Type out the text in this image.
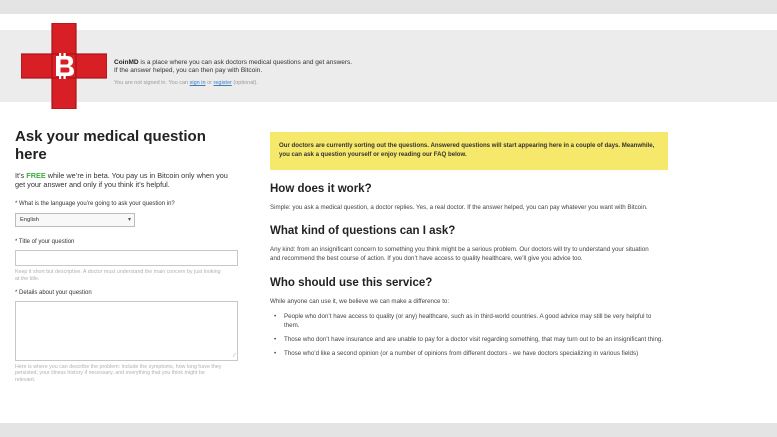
CoinMD is a place where you can ask doctors medical questions and get answers.
If the answer helped, you can then pay with Bitcoin.
You are not signed in. You can sign in or register (optional).
Ask your medical question here
It’s FREE while we’re in beta. You pay us in Bitcoin only when you get your answer and only if you think it’s helpful.
* What is the language you’re going to ask your question in?
English	▾
* Title of your question
Keep it short but descriptive. A doctor must understand the main concern by just looking at the title.
* Details about your question
∕
Here is where you can describe the problem: include the symptoms, how long have they persisted, your illness history if necessary, and everything that you think might be relevant.
Our doctors are currently sorting out the questions. Answered questions will start appearing here in a couple of days. Meanwhile, you can ask a question yourself or enjoy reading our FAQ below.
How does it work?
Simple: you ask a medical question, a doctor replies. Yes, a real doctor. If the answer helped, you can pay whatever you want with Bitcoin.
What kind of questions can I ask?
Any kind: from an insignificant concern to something you think might be a serious problem. Our doctors will try to understand your situation and recommend the best course of action. If you don’t have access to quality healthcare, we’ll give you advice too.
Who should use this service?
While anyone can use it, we believe we can make a difference to:
• People who don’t have access to quality (or any) healthcare, such as in third-world countries. A good advice may still be very helpful to them.
• Those who don’t have insurance and are unable to pay for a doctor visit regarding something, that may turn out to be an insignificant thing.
• Those who’d like a second opinion (or a number of opinions from different doctors - we have doctors specializing in various fields)
